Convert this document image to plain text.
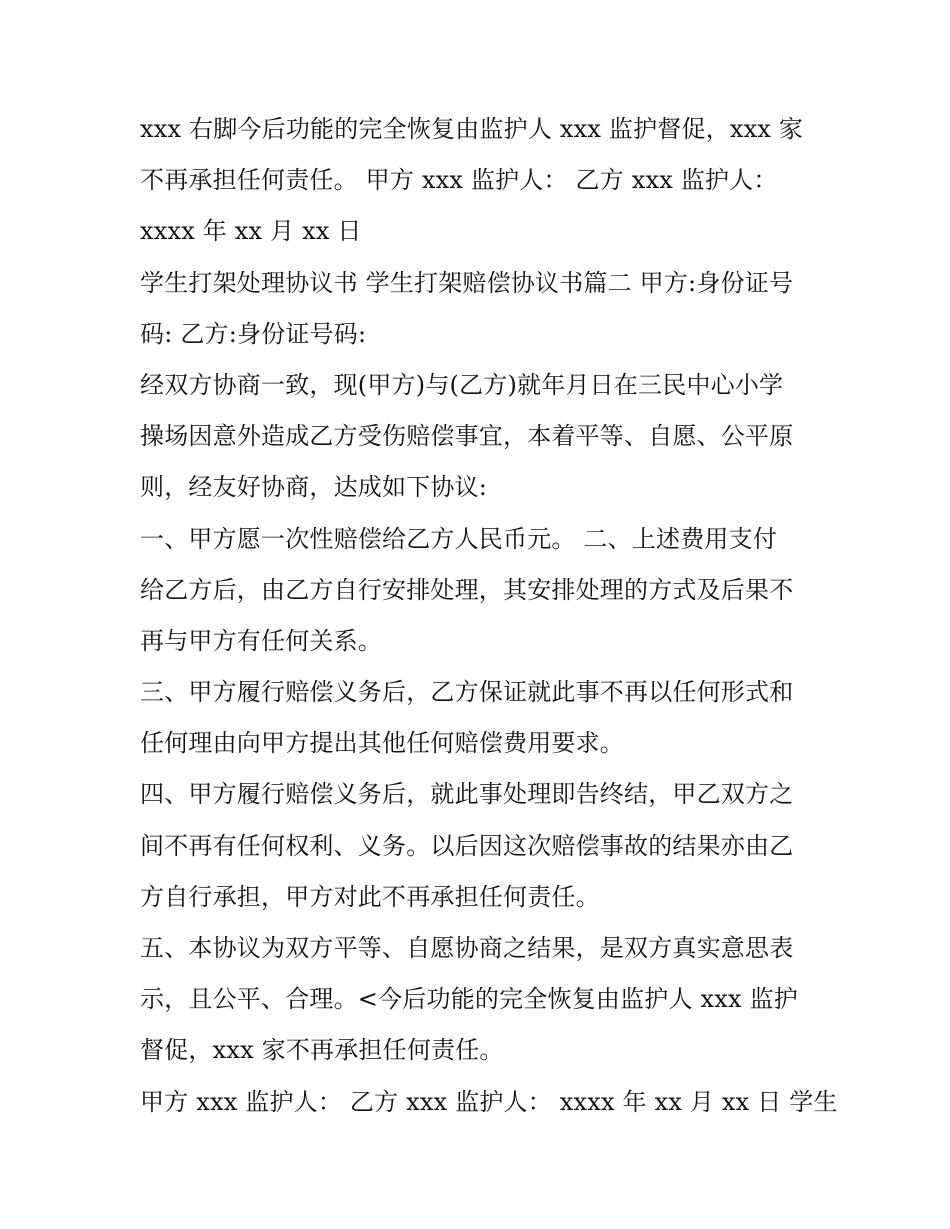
xxx 右脚今后功能的完全恢复由监护人 xxx 监护督促，xxx 家
不再承担任何责任。 甲方 xxx 监护人： 乙方 xxx 监护人：
xxxx 年 xx 月 xx 日
学生打架处理协议书 学生打架赔偿协议书篇二 甲方:身份证号
码: 乙方:身份证号码:
经双方协商一致，现(甲方)与(乙方)就年月日在三民中心小学
操场因意外造成乙方受伤赔偿事宜，本着平等、自愿、公平原
则，经友好协商，达成如下协议:
一、甲方愿一次性赔偿给乙方人民币元。 二、上述费用支付
给乙方后，由乙方自行安排处理，其安排处理的方式及后果不
再与甲方有任何关系。
三、甲方履行赔偿义务后，乙方保证就此事不再以任何形式和
任何理由向甲方提出其他任何赔偿费用要求。
四、甲方履行赔偿义务后，就此事处理即告终结，甲乙双方之
间不再有任何权利、义务。以后因这次赔偿事故的结果亦由乙
方自行承担，甲方对此不再承担任何责任。
五、本协议为双方平等、自愿协商之结果，是双方真实意思表
示，且公平、合理。<今后功能的完全恢复由监护人 xxx 监护
督促，xxx 家不再承担任何责任。
甲方 xxx 监护人： 乙方 xxx 监护人： xxxx 年 xx 月 xx 日 学生
